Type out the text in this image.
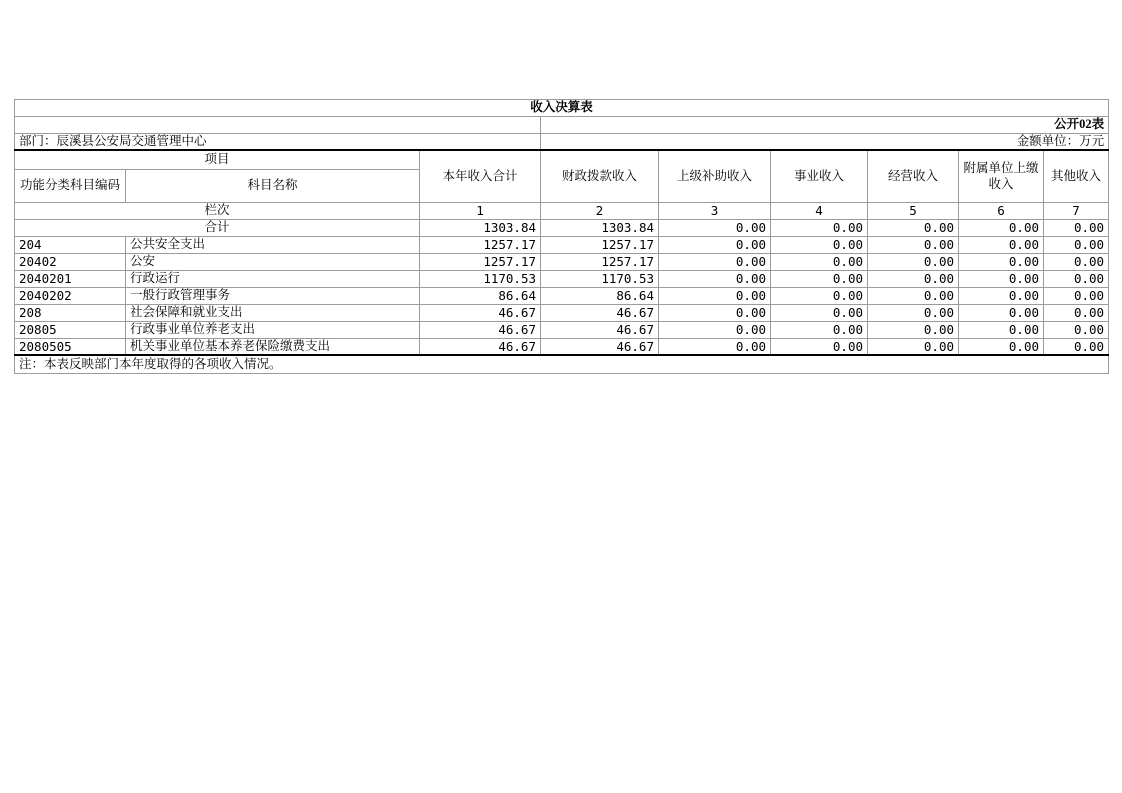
收入决算表								
			公开02表					
部门：辰溪县公安局交通管理中心			金额单位：万元					
项目		本年收入合计	财政拨款收入	上级补助收入	事业收入	经营收入	附属单位上缴收入	其他收入
功能分类科目编码	科目名称							
栏次		1	2	3	4	5	6	7
合计		1303.84	1303.84	0.00	0.00	0.00	0.00	0.00
204	公共安全支出	1257.17	1257.17	0.00	0.00	0.00	0.00	0.00
20402	公安	1257.17	1257.17	0.00	0.00	0.00	0.00	0.00
2040201	行政运行	1170.53	1170.53	0.00	0.00	0.00	0.00	0.00
2040202	一般行政管理事务	86.64	86.64	0.00	0.00	0.00	0.00	0.00
208	社会保障和就业支出	46.67	46.67	0.00	0.00	0.00	0.00	0.00
20805	行政事业单位养老支出	46.67	46.67	0.00	0.00	0.00	0.00	0.00
2080505	机关事业单位基本养老保险缴费支出	46.67	46.67	0.00	0.00	0.00	0.00	0.00
注：本表反映部门本年度取得的各项收入情况。								
